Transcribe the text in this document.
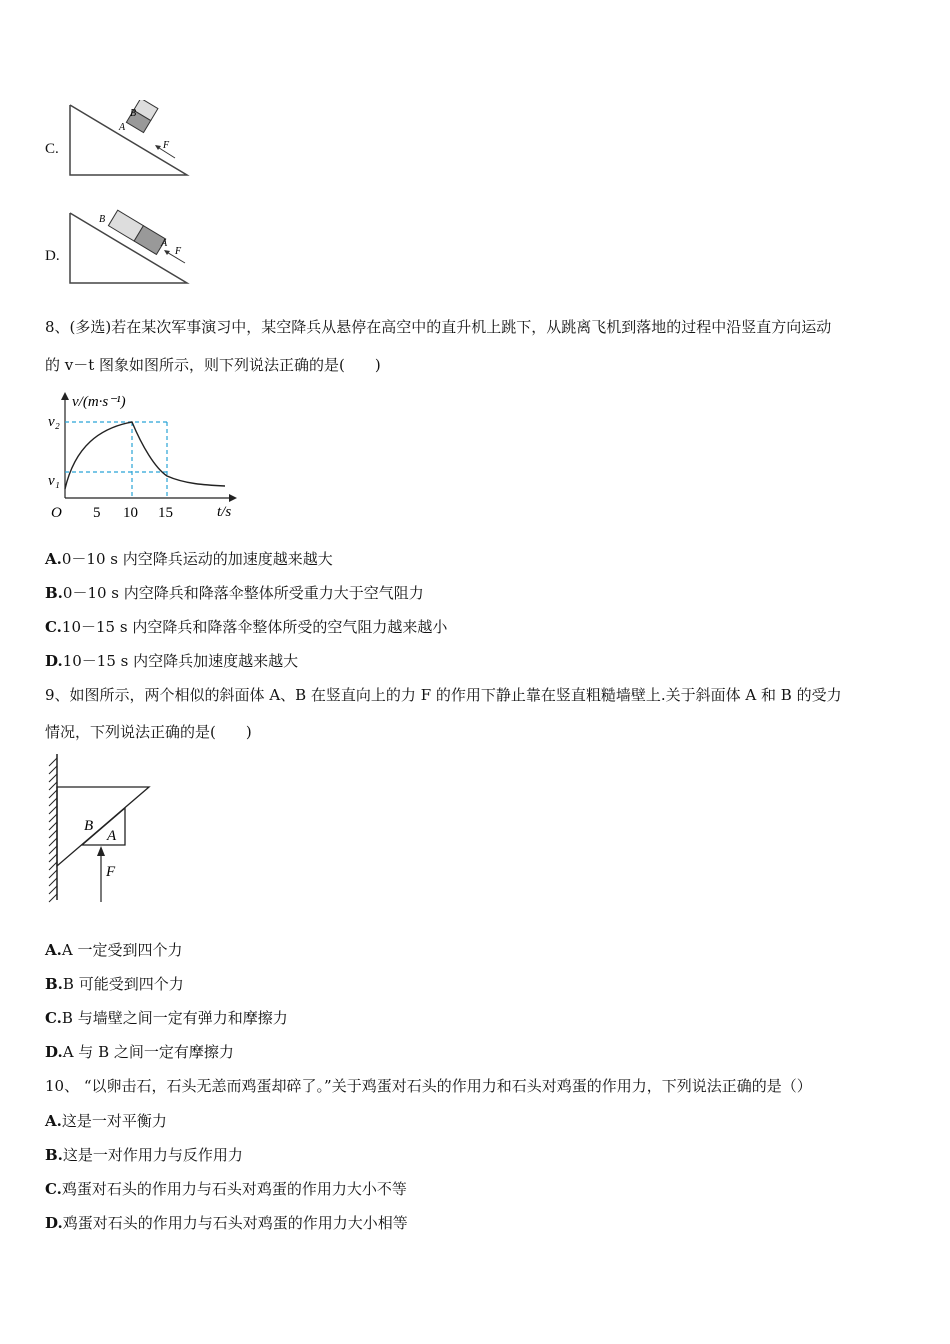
C.
B
A
F
D.
B
A
F
8、(多选)若在某次军事演习中，某空降兵从悬停在高空中的直升机上跳下，从跳离飞机到落地的过程中沿竖直方向运动
的 v－t 图象如图所示，则下列说法正确的是(　　)
v/(m·s⁻¹)
t/s
O 5 10 15
v₁
v₂
A.0－10 s 内空降兵运动的加速度越来越大
B.0－10 s 内空降兵和降落伞整体所受重力大于空气阻力
C.10－15 s 内空降兵和降落伞整体所受的空气阻力越来越小
D.10－15 s 内空降兵加速度越来越大
9、如图所示，两个相似的斜面体 A、B 在竖直向上的力 F 的作用下静止靠在竖直粗糙墙壁上.关于斜面体 A 和 B 的受力
情况，下列说法正确的是(　　)
B
A
F
A.A 一定受到四个力
B.B 可能受到四个力
C.B 与墙壁之间一定有弹力和摩擦力
D.A 与 B 之间一定有摩擦力
10、 “以卵击石，石头无恙而鸡蛋却碎了。”关于鸡蛋对石头的作用力和石头对鸡蛋的作用力，下列说法正确的是（）
A.这是一对平衡力
B.这是一对作用力与反作用力
C.鸡蛋对石头的作用力与石头对鸡蛋的作用力大小不等
D.鸡蛋对石头的作用力与石头对鸡蛋的作用力大小相等
